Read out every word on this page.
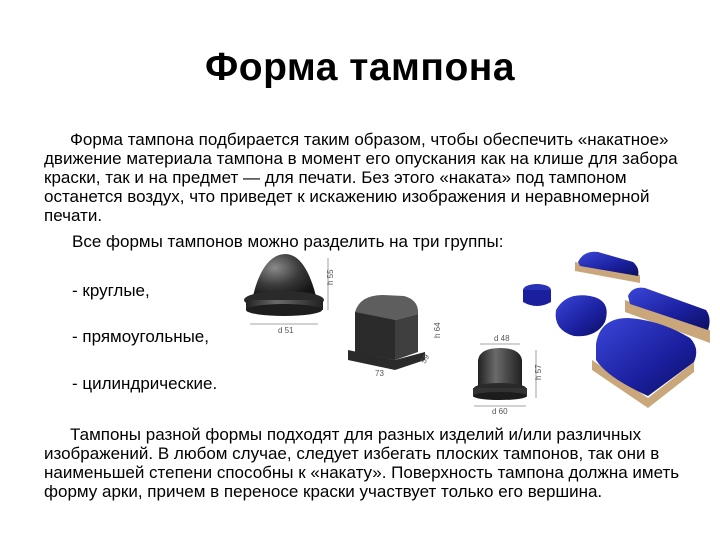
Форма тампона
Форма тампона подбирается таким образом, чтобы обеспечить «накатное» движение материала тампона в момент его опускания как на клише для забора краски, так и на предмет — для печати. Без этого «наката» под тампоном останется воздух, что приведет к искажению изображения и неравномерной печати.
Все формы тампонов можно разделить на три группы:
- круглые,
- прямоугольные,
- цилиндрические.
Тампоны разной формы подходят для разных изделий и/или различных изображений. В любом случае, следует избегать плоских тампонов, так они в наименьшей степени способны к «накату». Поверхность тампона должна иметь форму арки, причем в переносе краски участвует только его вершина.
h 55
d 51	h 64
59
73
d 48
h 57
d 60
